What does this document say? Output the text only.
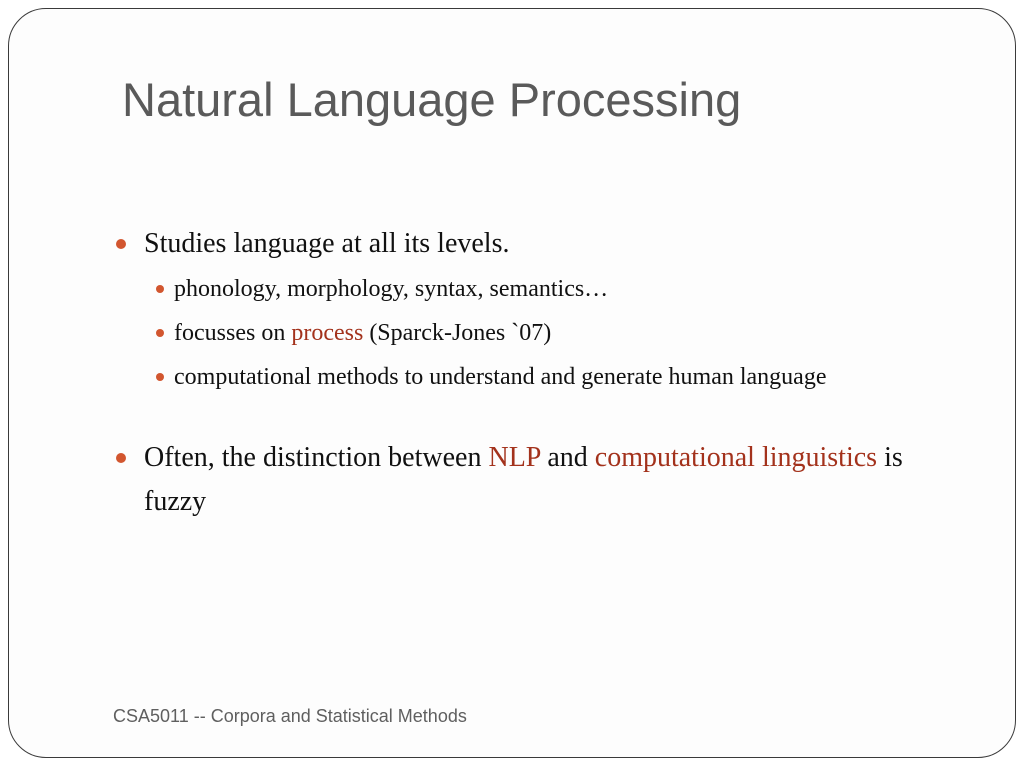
Natural Language Processing
Studies language at all its levels.
phonology, morphology, syntax, semantics…
focusses on process (Sparck-Jones `07)
computational methods to understand and generate human language
Often, the distinction between NLP and computational linguistics is fuzzy
CSA5011 -- Corpora and Statistical Methods
